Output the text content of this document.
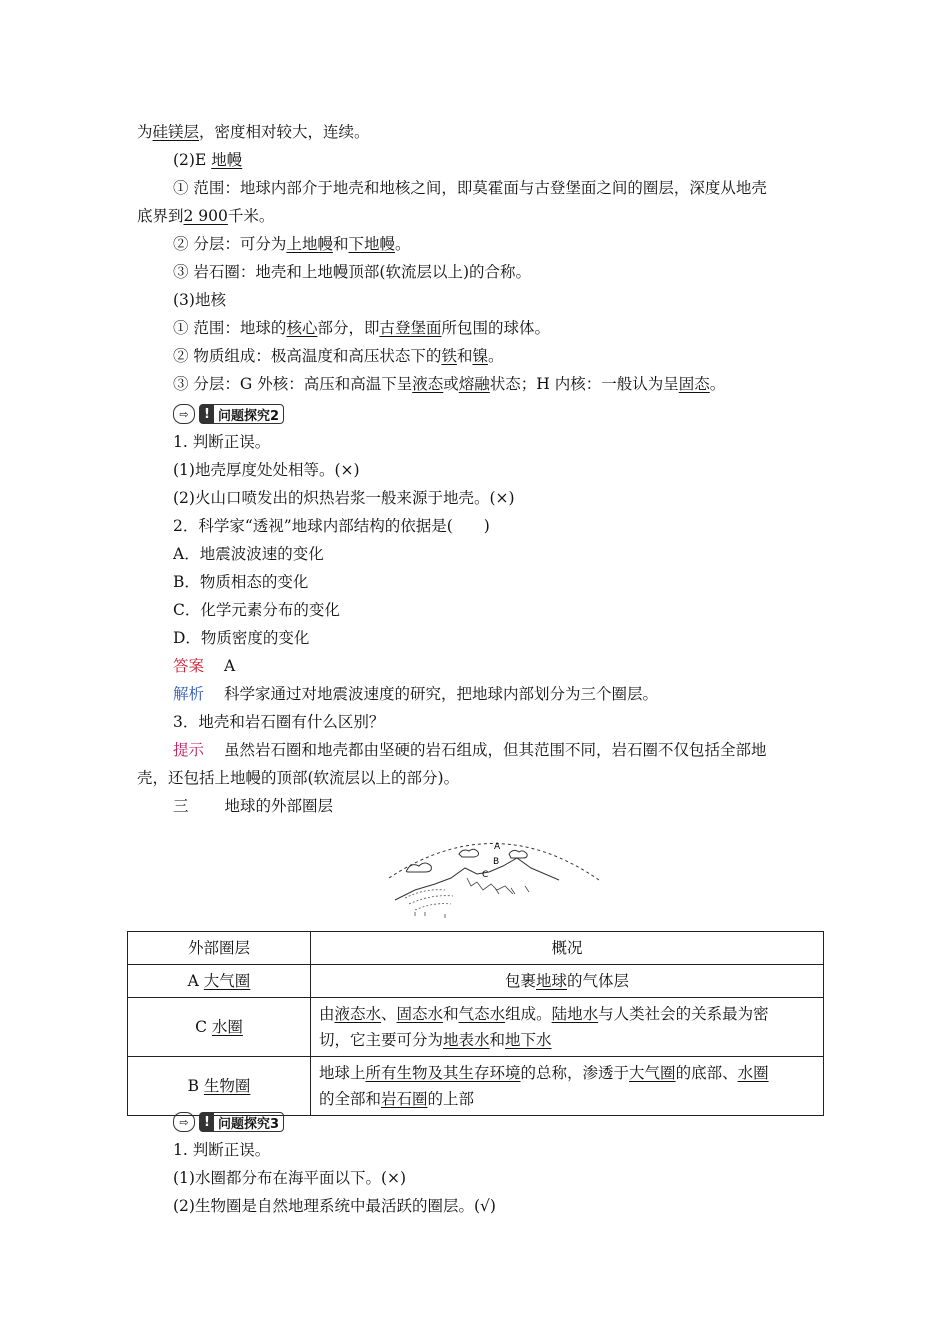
为硅镁层，密度相对较大，连续。
(2)E 地幔
① 范围：地球内部介于地壳和地核之间，即莫霍面与古登堡面之间的圈层，深度从地壳
底界到2 900千米。
② 分层：可分为上地幔和下地幔。
③ 岩石圈：地壳和上地幔顶部(软流层以上)的合称。
(3)地核
① 范围：地球的核心部分，即古登堡面所包围的球体。
② 物质组成：极高温度和高压状态下的铁和镍。
③ 分层：G 外核：高压和高温下呈液态或熔融状态；H 内核：一般认为呈固态。
⇨	! 问题探究2
1. 判断正误。
(1)地壳厚度处处相等。(×)
(2)火山口喷发出的炽热岩浆一般来源于地壳。(×)
2．科学家“透视”地球内部结构的依据是(　　)
A．地震波波速的变化
B．物质相态的变化
C．化学元素分布的变化
D．物质密度的变化
答案 A
解析 科学家通过对地震波速度的研究，把地球内部划分为三个圈层。
3．地壳和岩石圈有什么区别？
提示 虽然岩石圈和地壳都由坚硬的岩石组成，但其范围不同，岩石圈不仅包括全部地
壳，还包括上地幔的顶部(软流层以上的部分)。
三 地球的外部圈层
A
B
C
外部圈层	概况
A 大气圈	包裹地球的气体层
C 水圈	由液态水、固态水和气态水组成。陆地水与人类社会的关系最为密
切，它主要可分为地表水和地下水
B 生物圈	地球上所有生物及其生存环境的总称，渗透于大气圈的底部、水圈
的全部和岩石圈的上部
⇨	! 问题探究3
1. 判断正误。
(1)水圈都分布在海平面以下。(×)
(2)生物圈是自然地理系统中最活跃的圈层。(√)
